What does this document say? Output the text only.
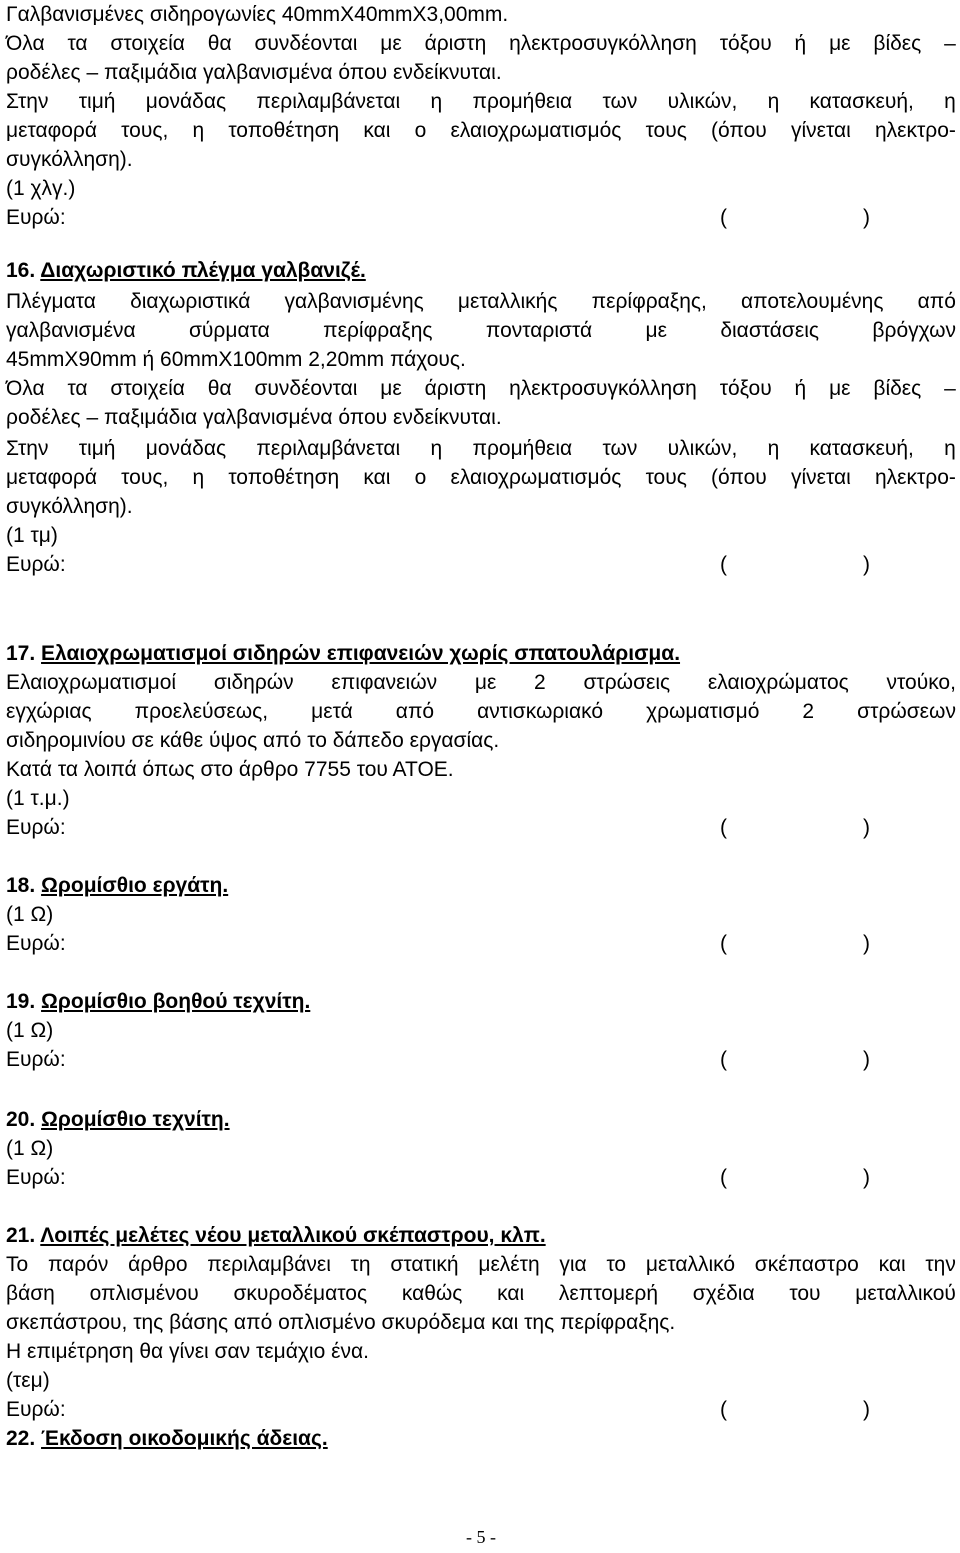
Γαλβανισμένες σιδηρογωνίες 40mmX40mmX3,00mm.
Όλα τα στοιχεία θα συνδέονται με άριστη ηλεκτροσυγκόλληση τόξου ή με βίδες –
ροδέλες – παξιμάδια γαλβανισμένα όπου ενδείκνυται.
Στην τιμή μονάδας περιλαμβάνεται η προμήθεια των υλικών, η κατασκευή, η
μεταφορά τους, η τοποθέτηση και ο ελαιοχρωματισμός τους (όπου γίνεται ηλεκτρο-
συγκόλληση).
(1 χλγ.)
Ευρώ:	(	)
16. Διαχωριστικό πλέγμα γαλβανιζέ.
Πλέγματα διαχωριστικά γαλβανισμένης μεταλλικής περίφραξης, αποτελουμένης από
γαλβανισμένα	σύρματα	περίφραξης	πονταριστά	με	διαστάσεις	βρόγχων
45mmX90mm ή 60mmX100mm 2,20mm πάχους.
Όλα τα στοιχεία θα συνδέονται με άριστη ηλεκτροσυγκόλληση τόξου ή με βίδες –
ροδέλες – παξιμάδια γαλβανισμένα όπου ενδείκνυται.
Στην τιμή μονάδας περιλαμβάνεται η προμήθεια των υλικών, η κατασκευή, η
μεταφορά τους, η τοποθέτηση και ο ελαιοχρωματισμός τους (όπου γίνεται ηλεκτρο-
συγκόλληση).
(1 τμ)
Ευρώ:	(	)
17. Ελαιοχρωματισμοί σιδηρών επιφανειών χωρίς σπατουλάρισμα.
Ελαιοχρωματισμοί σιδηρών επιφανειών με 2 στρώσεις ελαιοχρώματος ντούκο,
εγχώριας προελεύσεως, μετά από αντισκωριακό χρωματισμό 2 στρώσεων
σιδηρομινίου σε κάθε ύψος από το δάπεδο εργασίας.
Κατά τα λοιπά όπως στο άρθρο 7755 του ΑΤΟΕ.
(1 τ.μ.)
Ευρώ:	(	)
18. Ωρομίσθιο εργάτη.
(1 Ω)
Ευρώ:	(	)
19. Ωρομίσθιο βοηθού τεχνίτη.
(1 Ω)
Ευρώ:	(	)
20. Ωρομίσθιο τεχνίτη.
(1 Ω)
Ευρώ:	(	)
21. Λοιπές μελέτες νέου μεταλλικού σκέπαστρου, κλπ.
Το παρόν άρθρο περιλαμβάνει τη στατική μελέτη για το μεταλλικό σκέπαστρο και την
βάση οπλισμένου σκυροδέματος καθώς και λεπτομερή σχέδια του μεταλλικού
σκεπάστρου, της βάσης από οπλισμένο σκυρόδεμα και της περίφραξης.
Η επιμέτρηση θα γίνει σαν τεμάχιο ένα.
(τεμ)
Ευρώ:	(	)
22. Έκδοση οικοδομικής άδειας.
- 5 -
